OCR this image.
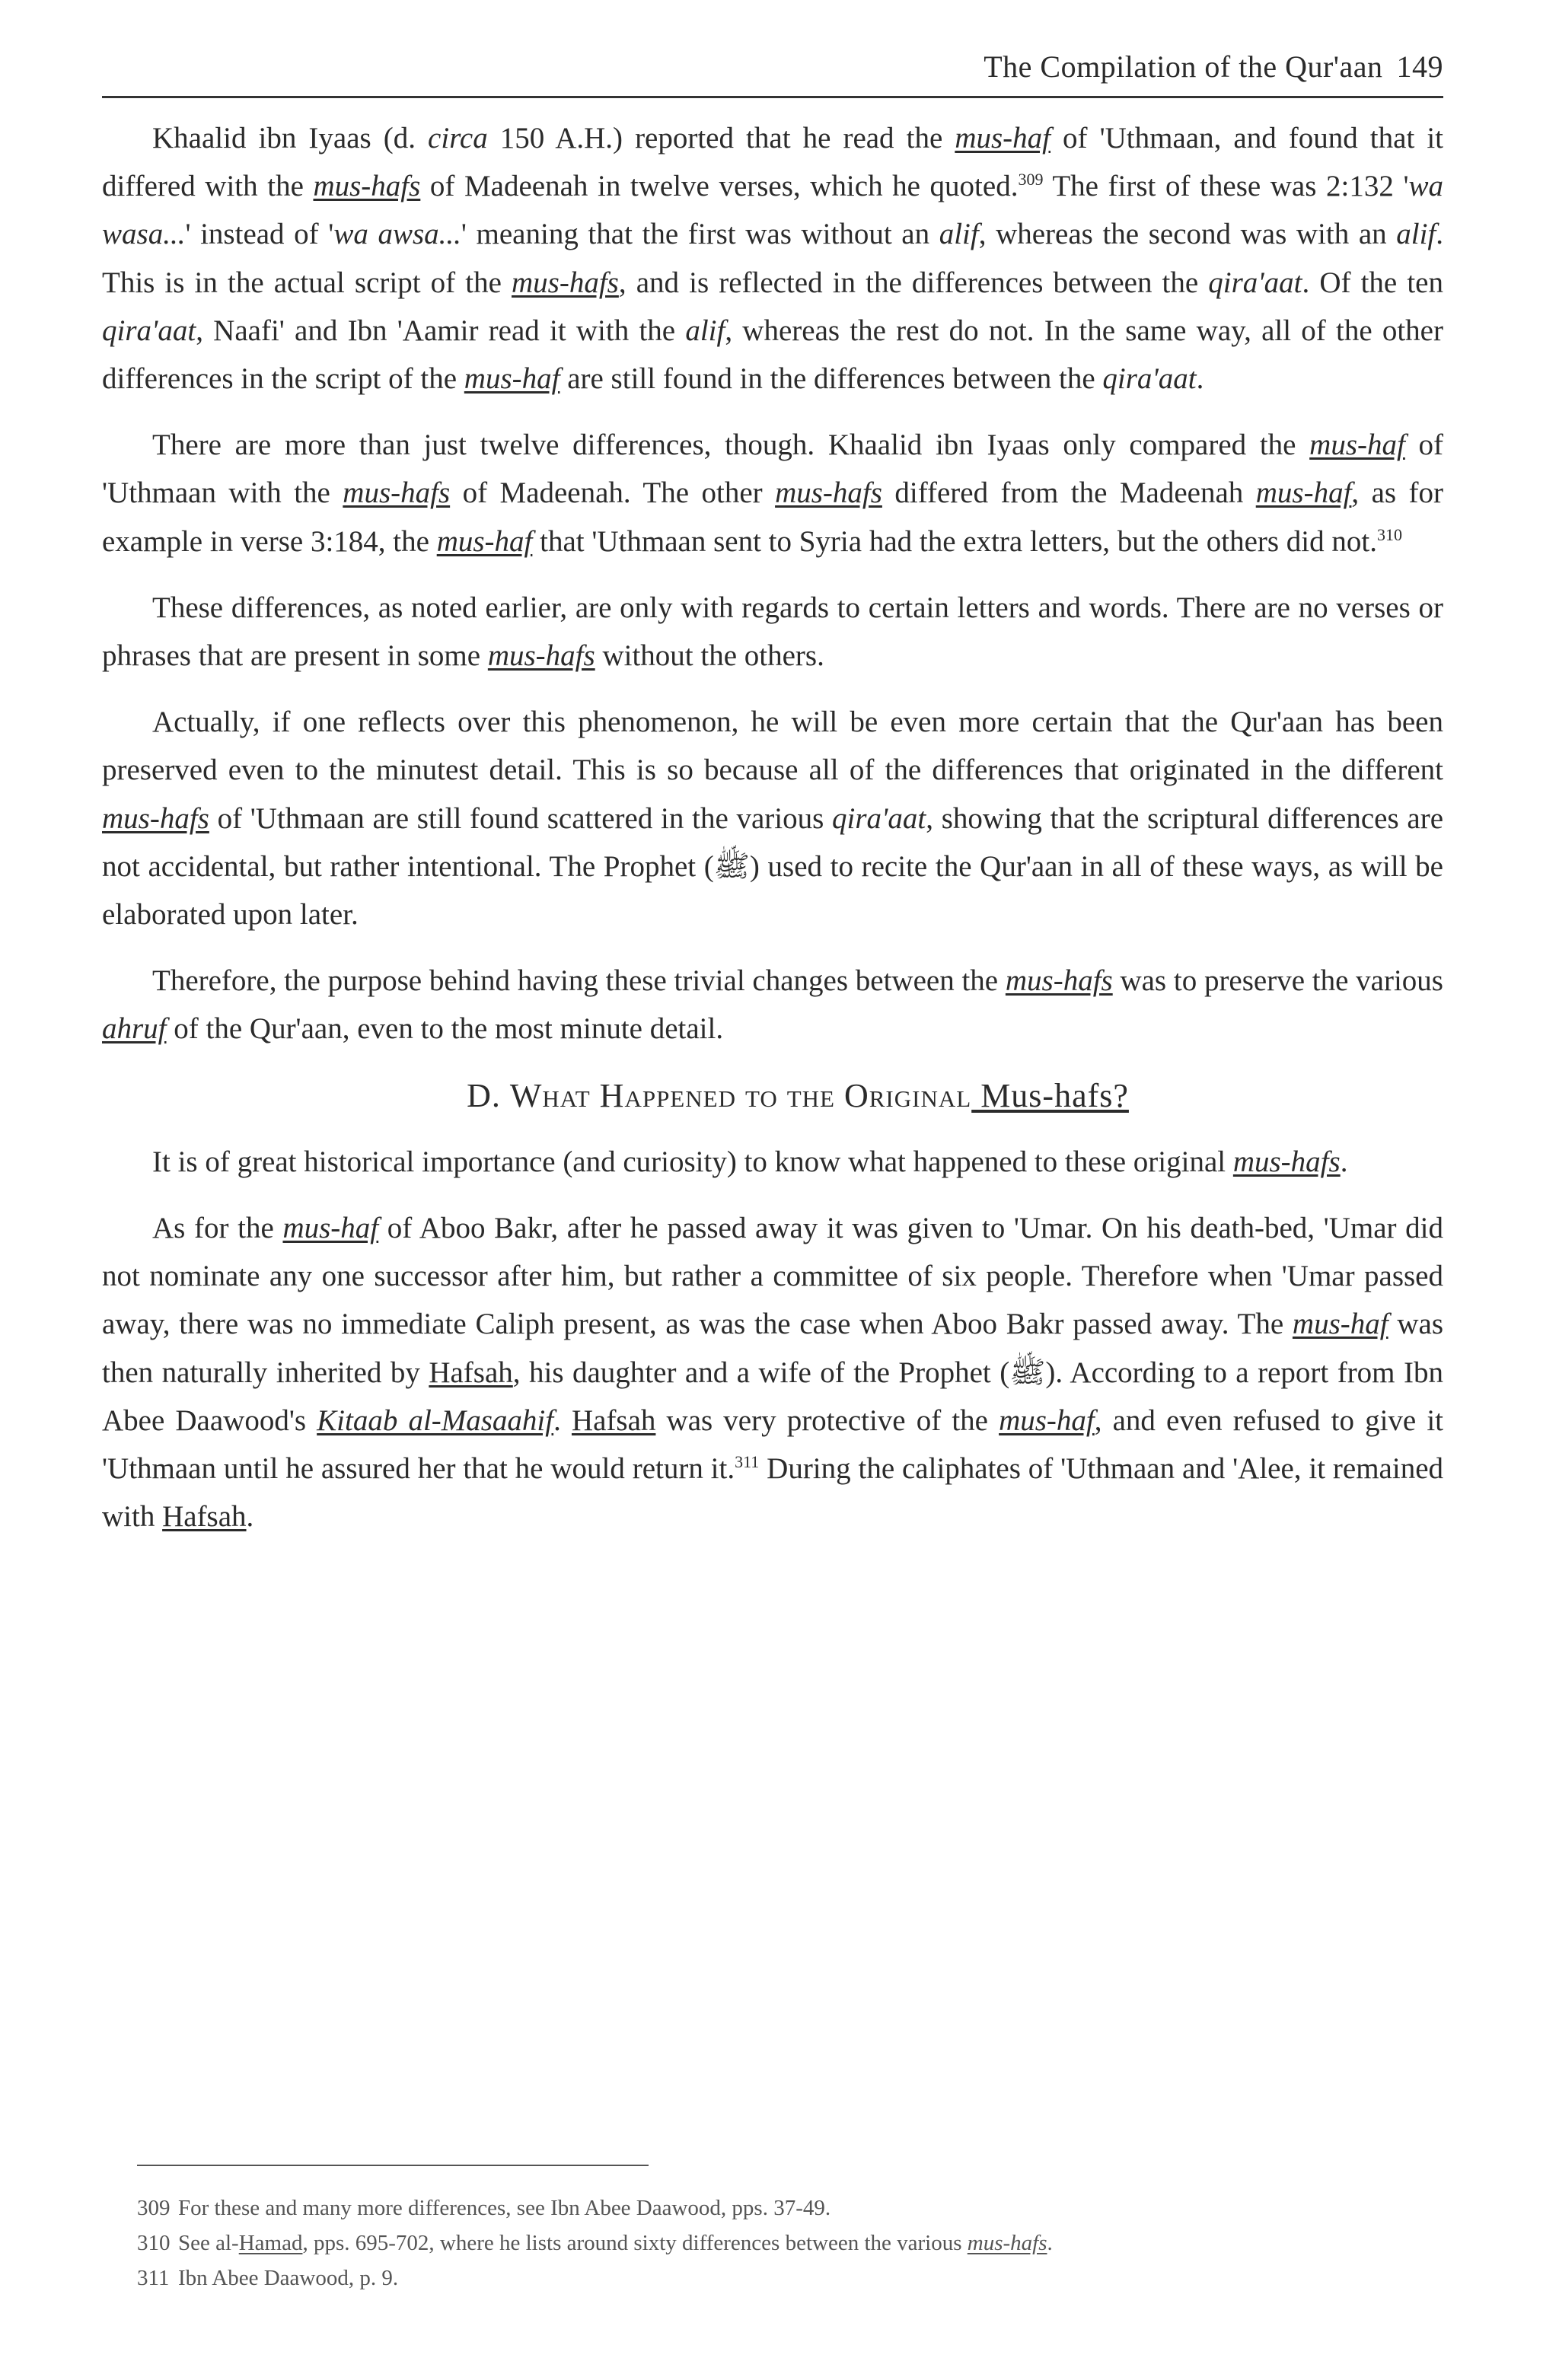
The Compilation of the Qur'aan 149

Khaalid ibn Iyaas (d. circa 150 A.H.) reported that he read the mus-haf of 'Uthmaan, and found that it differed with the mus-hafs of Madeenah in twelve verses, which he quoted.$^{309}$ The first of these was 2:132 'wa wasa...' instead of 'wa awsa...' meaning that the first was without an alif, whereas the second was with an alif. This is in the actual script of the mus-hafs, and is reflected in the differences between the qira'aat. Of the ten qira'aat, Naafi' and Ibn 'Aamir read it with the alif, whereas the rest do not. In the same way, all of the other differences in the script of the mus-haf are still found in the differences between the qira'aat.

There are more than just twelve differences, though. Khaalid ibn Iyaas only compared the mus-haf of 'Uthmaan with the mus-hafs of Madeenah. The other mus-hafs differed from the Madeenah mus-haf, as for example in verse 3:184, the mus-haf that 'Uthmaan sent to Syria had the extra letters, but the others did not.$^{310}$

These differences, as noted earlier, are only with regards to certain letters and words. There are no verses or phrases that are present in some mus-hafs without the others.

Actually, if one reflects over this phenomenon, he will be even more certain that the Qur'aan has been preserved even to the minutest detail. This is so because all of the differences that originated in the different mus-hafs of 'Uthmaan are still found scattered in the various qira'aat, showing that the scriptural differences are not accidental, but rather intentional. The Prophet (ﷺ) used to recite the Qur'aan in all of these ways, as will be elaborated upon later.

Therefore, the purpose behind having these trivial changes between the mus-hafs was to preserve the various ahruf of the Qur'aan, even to the most minute detail.

D. What Happened to the Original Mus-hafs?

It is of great historical importance (and curiosity) to know what happened to these original mus-hafs.

As for the mus-haf of Aboo Bakr, after he passed away it was given to 'Umar. On his death-bed, 'Umar did not nominate any one successor after him, but rather a committee of six people. Therefore when 'Umar passed away, there was no immediate Caliph present, as was the case when Aboo Bakr passed away. The mus-haf was then naturally inherited by Hafsah, his daughter and a wife of the Prophet (ﷺ). According to a report from Ibn Abee Daawood's Kitaab al-Masaahif. Hafsah was very protective of the mus-haf, and even refused to give it 'Uthmaan until he assured her that he would return it.$^{311}$ During the caliphates of 'Uthmaan and 'Alee, it remained with Hafsah.

309 For these and many more differences, see Ibn Abee Daawood, pps. 37-49.
310 See al-Hamad, pps. 695-702, where he lists around sixty differences between the various mus-hafs.
311 Ibn Abee Daawood, p. 9.
